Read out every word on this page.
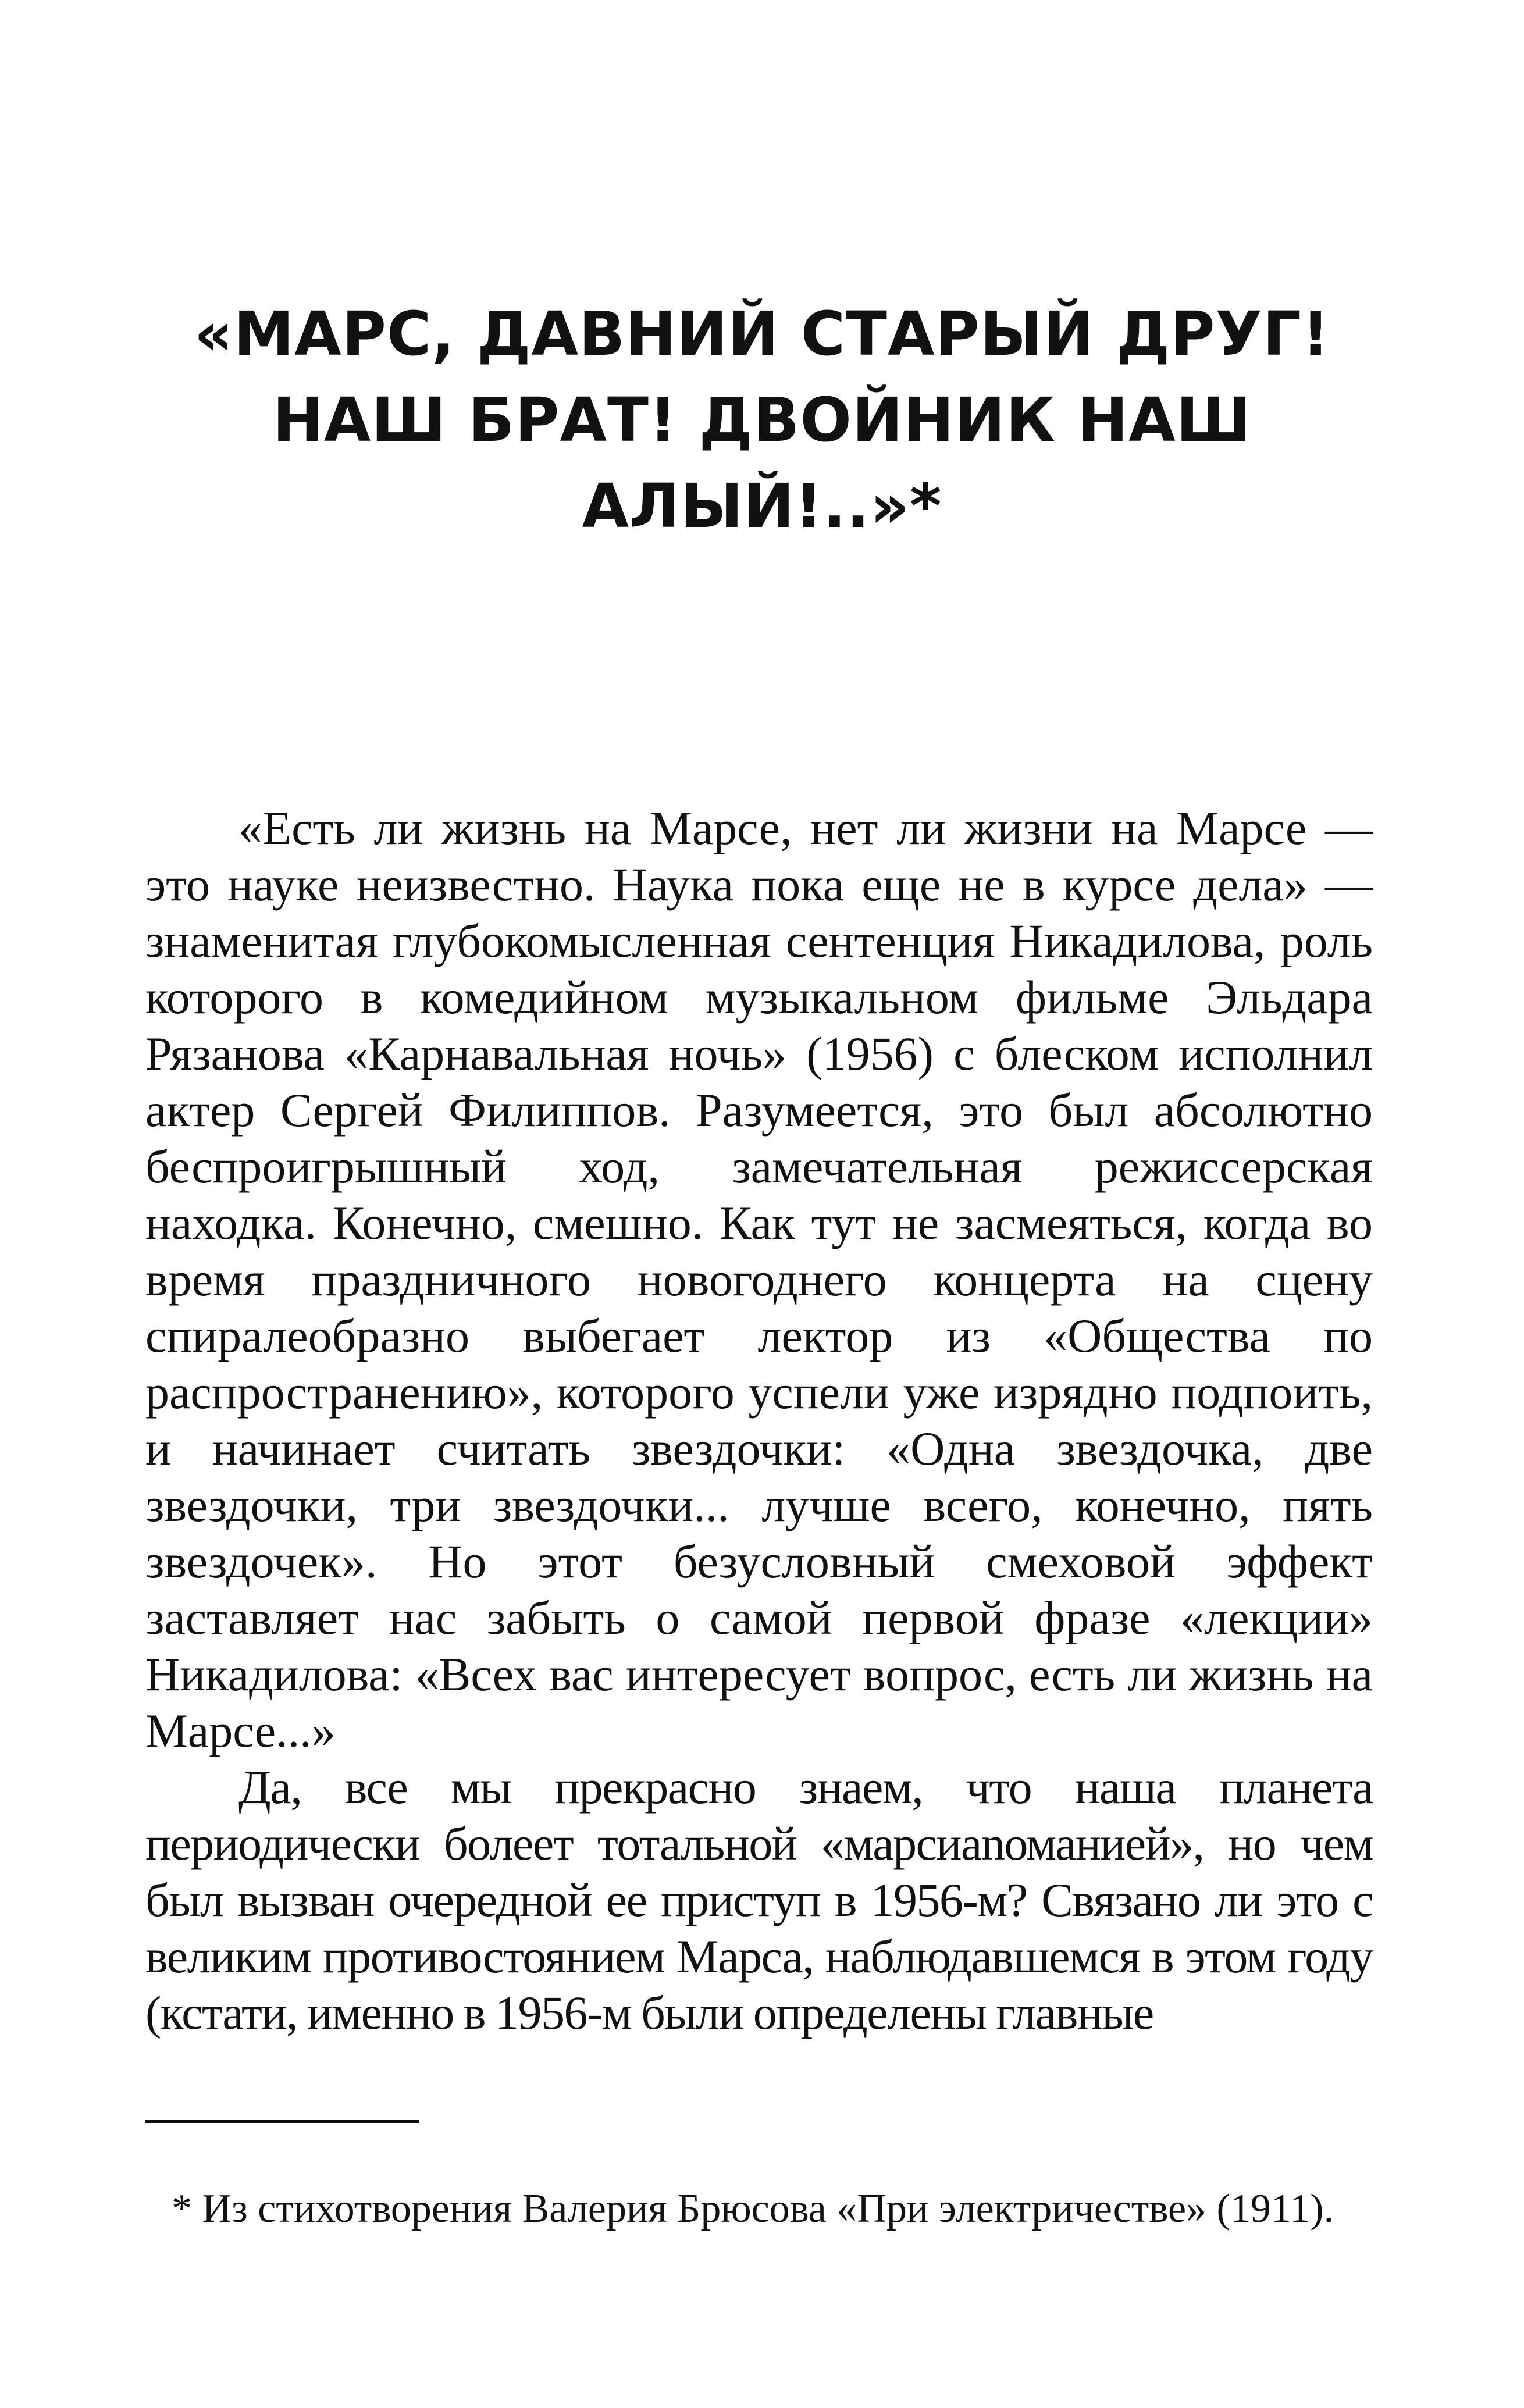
«МАРС, ДАВНИЙ СТАРЫЙ ДРУГ!
НАШ БРАТ! ДВОЙНИК НАШ АЛЫЙ!..»*

«Есть ли жизнь на Марсе, нет ли жизни на Марсе — это науке неизвестно. Наука пока еще не в курсе дела» — знаменитая глубокомысленная сентенция Никадилова, роль которого в комедийном музыкальном фильме Эльдара Рязанова «Карнавальная ночь» (1956) с блеском исполнил актер Сергей Филиппов. Разумеется, это был абсолютно беспроигрышный ход, замечательная режиссерская находка. Конечно, смешно. Как тут не засмеяться, когда во время праздничного новогоднего концерта на сцену спиралеобразно выбегает лектор из «Общества по распространению», которого успели уже изрядно подпоить, и начинает считать звездочки: «Одна звездочка, две звездочки, три звездочки... лучше всего, конечно, пять звездочек». Но этот безусловный смеховой эффект заставляет нас забыть о самой первой фразе «лекции» Никадилова: «Всех вас интересует вопрос, есть ли жизнь на Марсе...»

Да, все мы прекрасно знаем, что наша планета периодически болеет тотальной «марсиаnоманией», но чем был вызван очередной ее приступ в 1956-м? Связано ли это с великим противостоянием Марса, наблюдавшемся в этом году (кстати, именно в 1956-м были определены главные

* Из стихотворения Валерия Брюсова «При электричестве» (1911).
